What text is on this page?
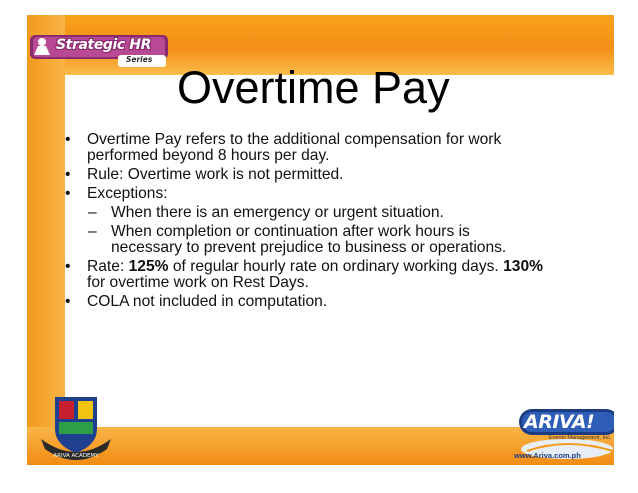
Strategic HR
Series
Overtime Pay
ARIVA ACADEMY
ARIVA!
Events Management, Inc.
www.Ariva.com.ph
• Overtime Pay refers to the additional compensation for work performed beyond 8 hours per day.
• Rule: Overtime work is not permitted.
• Exceptions:
– When there is an emergency or urgent situation.
– When completion or continuation after work hours is necessary to prevent prejudice to business or operations.
• Rate: 125% of regular hourly rate on ordinary working days. 130% for overtime work on Rest Days.
• COLA not included in computation.
